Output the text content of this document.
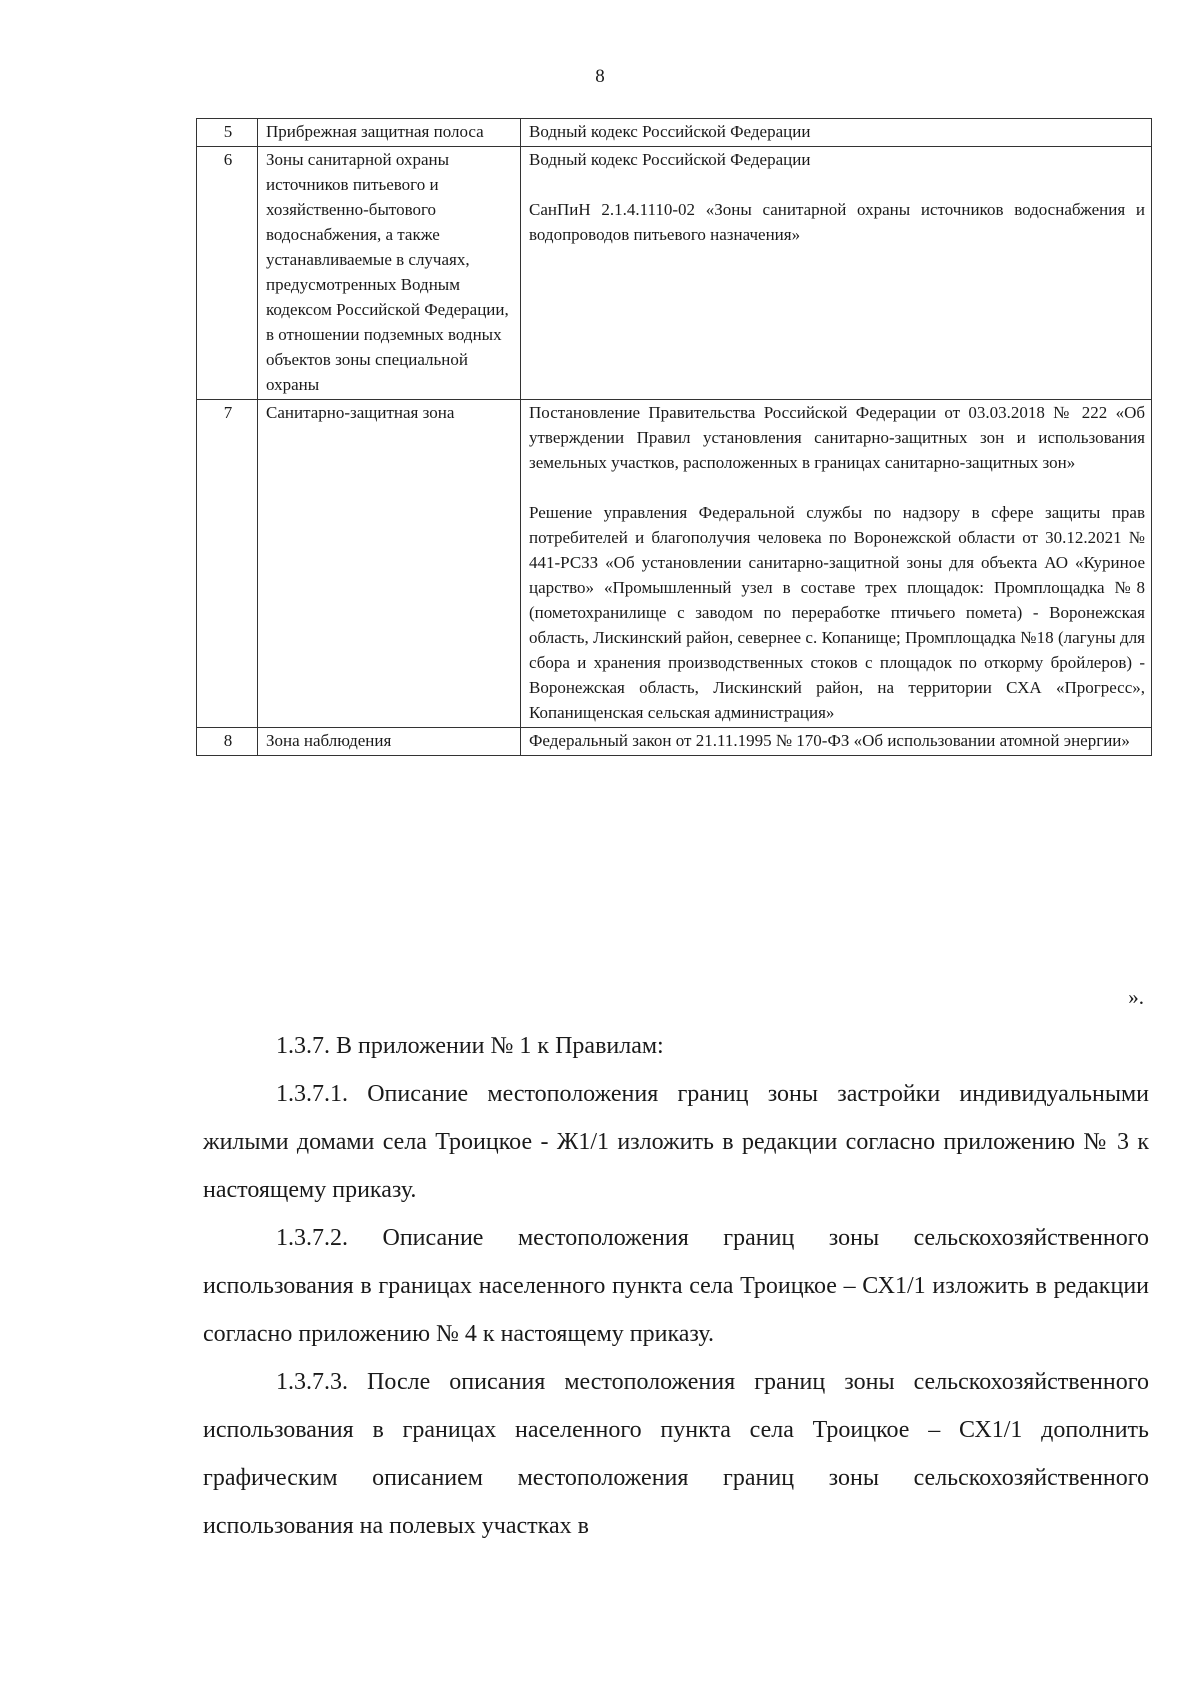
8
5	Прибрежная защитная полоса	Водный кодекс Российской Федерации

6	Зоны санитарной охраны источников питьевого и хозяйственно-бытового водоснабжения, а также устанавливаемые в случаях, предусмотренных Водным кодексом Российской Федерации, в отношении подземных водных объектов зоны специальной охраны	Водный кодекс Российской Федерации
СанПиН 2.1.4.1110-02 «Зоны санитарной охраны источников водоснабжения и водопроводов питьевого назначения»

7	Санитарно-защитная зона	Постановление Правительства Российской Федерации от 03.03.2018 № 222 «Об утверждении Правил установления санитарно-защитных зон и использования земельных участков, расположенных в границах санитарно-защитных зон»
Решение управления Федеральной службы по надзору в сфере защиты прав потребителей и благополучия человека по Воронежской области от 30.12.2021 № 441-РСЗЗ «Об установлении санитарно-защитной зоны для объекта АО «Куриное царство» «Промышленный узел в составе трех площадок: Промплощадка №8 (пометохранилище с заводом по переработке птичьего помета) - Воронежская область, Лискинский район, севернее с. Копанище; Промплощадка №18 (лагуны для сбора и хранения производственных стоков с площадок по откорму бройлеров) - Воронежская область, Лискинский район, на территории СХА «Прогресс», Копанищенская сельская администрация»

8	Зона наблюдения	Федеральный закон от 21.11.1995 № 170-ФЗ «Об использовании атомной энергии»
».

1.3.7. В приложении № 1 к Правилам:

1.3.7.1. Описание местоположения границ зоны застройки индивидуальными жилыми домами села Троицкое - Ж1/1 изложить в редакции согласно приложению № 3 к настоящему приказу.

1.3.7.2. Описание местоположения границ зоны сельскохозяйственного использования в границах населенного пункта села Троицкое – СХ1/1 изложить в редакции согласно приложению № 4 к настоящему приказу.

1.3.7.3. После описания местоположения границ зоны сельскохозяйственного использования в границах населенного пункта села Троицкое – СХ1/1 дополнить графическим описанием местоположения границ зоны сельскохозяйственного использования на полевых участках в
